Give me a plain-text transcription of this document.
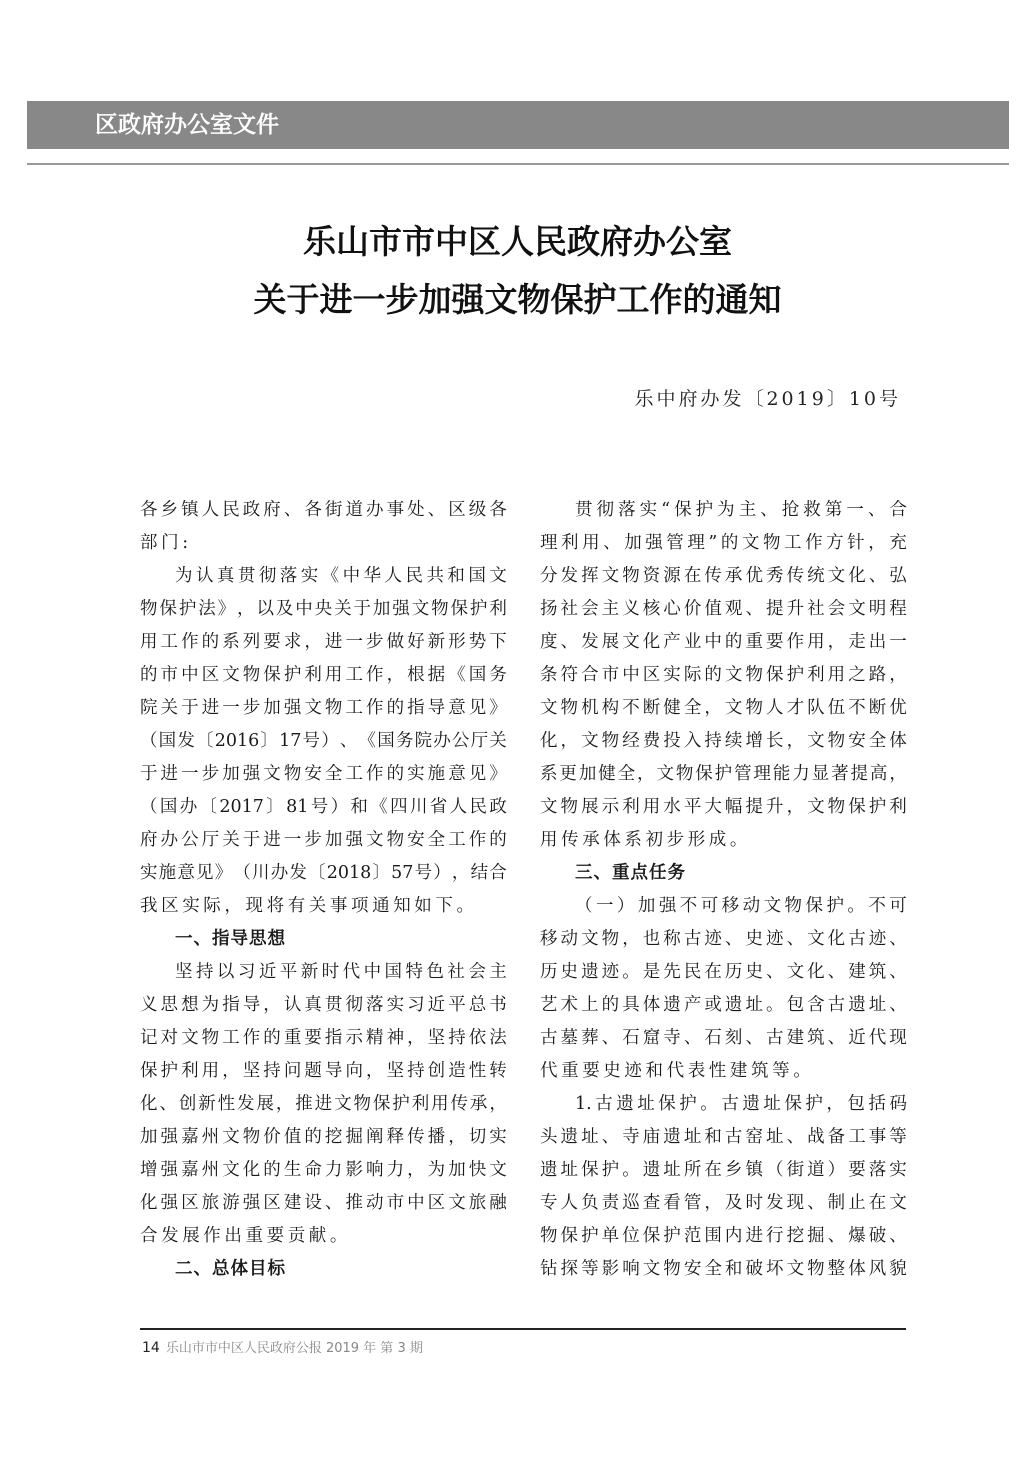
区政府办公室文件
乐山市市中区人民政府办公室
关于进一步加强文物保护工作的通知
乐中府办发〔2019〕10号
各 乡 镇 人 民 政 府 、 各 街 道 办 事 处 、 区 级 各
部门:
为 认 真 贯 彻 落 实 《 中 华 人 民 共 和 国 文
物 保 护 法 》 ， 以 及 中 央 关 于 加 强 文 物 保 护 利
用 工 作 的 系 列 要 求 ， 进 一 步 做 好 新 形 势 下
的 市 中 区 文 物 保 护 利 用 工 作 ， 根 据 《 国 务
院 关 于 进 一 步 加 强 文 物 工 作 的 指 导 意 见 》
（ 国 发 〔 2016 〕 17 号 ） 、 《 国 务 院 办 公 厅 关
于 进 一 步 加 强 文 物 安 全 工 作 的 实 施 意 见 》
（ 国 办 〔 2017 〕 81 号 ） 和 《 四 川 省 人 民 政
府 办 公 厅 关 于 进 一 步 加 强 文 物 安 全 工 作 的
实 施 意 见 》 （ 川 办 发 〔 2018 〕 57 号 ） ， 结 合
我区实际，现将有关事项通知如下。
一、指导思想
坚 持 以 习 近 平 新 时 代 中 国 特 色 社 会 主
义 思 想 为 指 导 ， 认 真 贯 彻 落 实 习 近 平 总 书
记 对 文 物 工 作 的 重 要 指 示 精 神 ， 坚 持 依 法
保 护 利 用 ， 坚 持 问 题 导 向 ， 坚 持 创 造 性 转
化 、 创 新 性 发 展 ， 推 进 文 物 保 护 利 用 传 承 ，
加 强 嘉 州 文 物 价 值 的 挖 掘 阐 释 传 播 ， 切 实
增 强 嘉 州 文 化 的 生 命 力 影 响 力 ， 为 加 快 文
化 强 区 旅 游 强 区 建 设 、 推 动 市 中 区 文 旅 融
合发展作出重要贡献。
二、总体目标
贯 彻 落 实 “ 保 护 为 主 、 抢 救 第 一 、 合
理 利 用 、 加 强 管 理 ” 的 文 物 工 作 方 针 ， 充
分 发 挥 文 物 资 源 在 传 承 优 秀 传 统 文 化 、 弘
扬 社 会 主 义 核 心 价 值 观 、 提 升 社 会 文 明 程
度 、 发 展 文 化 产 业 中 的 重 要 作 用 ， 走 出 一
条 符 合 市 中 区 实 际 的 文 物 保 护 利 用 之 路 ，
文 物 机 构 不 断 健 全 ， 文 物 人 才 队 伍 不 断 优
化 ， 文 物 经 费 投 入 持 续 增 长 ， 文 物 安 全 体
系 更 加 健 全 ， 文 物 保 护 管 理 能 力 显 著 提 高 ，
文 物 展 示 利 用 水 平 大 幅 提 升 ， 文 物 保 护 利
用传承体系初步形成。
三、重点任务
（ 一 ） 加 强 不 可 移 动 文 物 保 护 。 不 可
移 动 文 物 ， 也 称 古 迹 、 史 迹 、 文 化 古 迹 、
历 史 遗 迹 。 是 先 民 在 历 史 、 文 化 、 建 筑 、
艺 术 上 的 具 体 遗 产 或 遗 址 。 包 含 古 遗 址 、
古 墓 葬 、 石 窟 寺 、 石 刻 、 古 建 筑 、 近 代 现
代重要史迹和代表性建筑等。
1. 古 遗 址 保 护 。 古 遗 址 保 护 ， 包 括 码
头 遗 址 、 寺 庙 遗 址 和 古 窑 址 、 战 备 工 事 等
遗 址 保 护 。 遗 址 所 在 乡 镇 （ 街 道 ） 要 落 实
专 人 负 责 巡 查 看 管 ， 及 时 发 现 、 制 止 在 文
物 保 护 单 位 保 护 范 围 内 进 行 挖 掘 、 爆 破 、
钻 探 等 影 响 文 物 安 全 和 破 坏 文 物 整 体 风 貌
14 乐山市市中区人民政府公报 2019 年 第 3 期
